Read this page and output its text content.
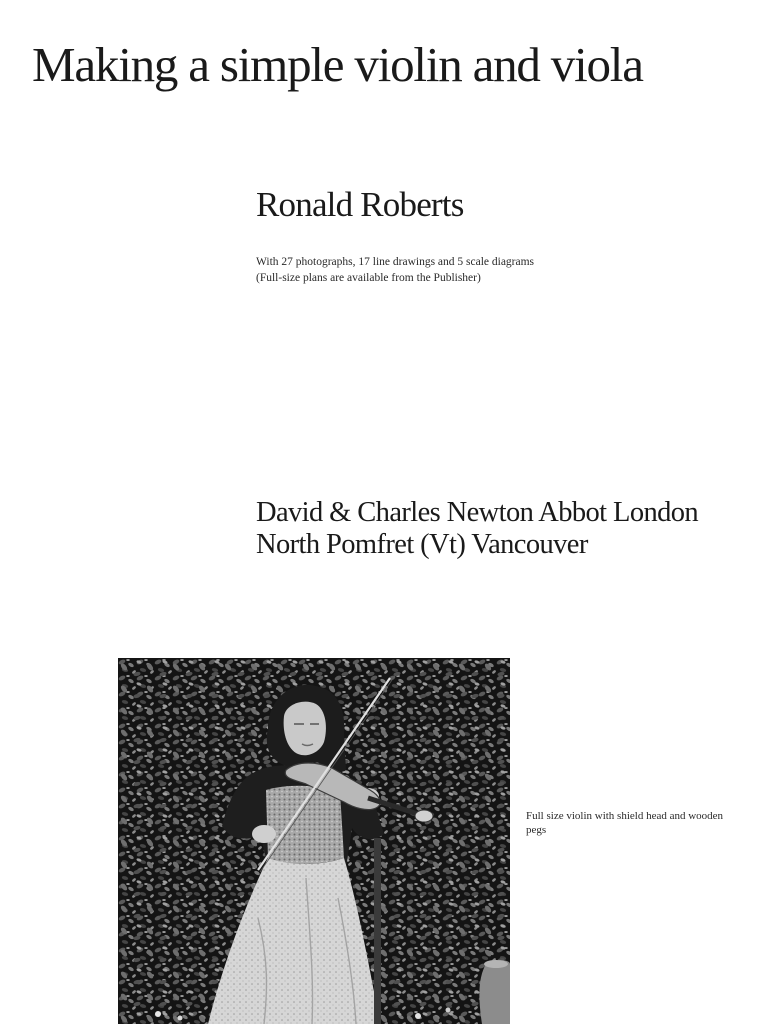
Making a simple violin and viola
Ronald Roberts
With 27 photographs, 17 line drawings and 5 scale diagrams
(Full-size plans are available from the Publisher)
David & Charles Newton Abbot London
North Pomfret (Vt) Vancouver
Full size violin with shield head and wooden pegs
